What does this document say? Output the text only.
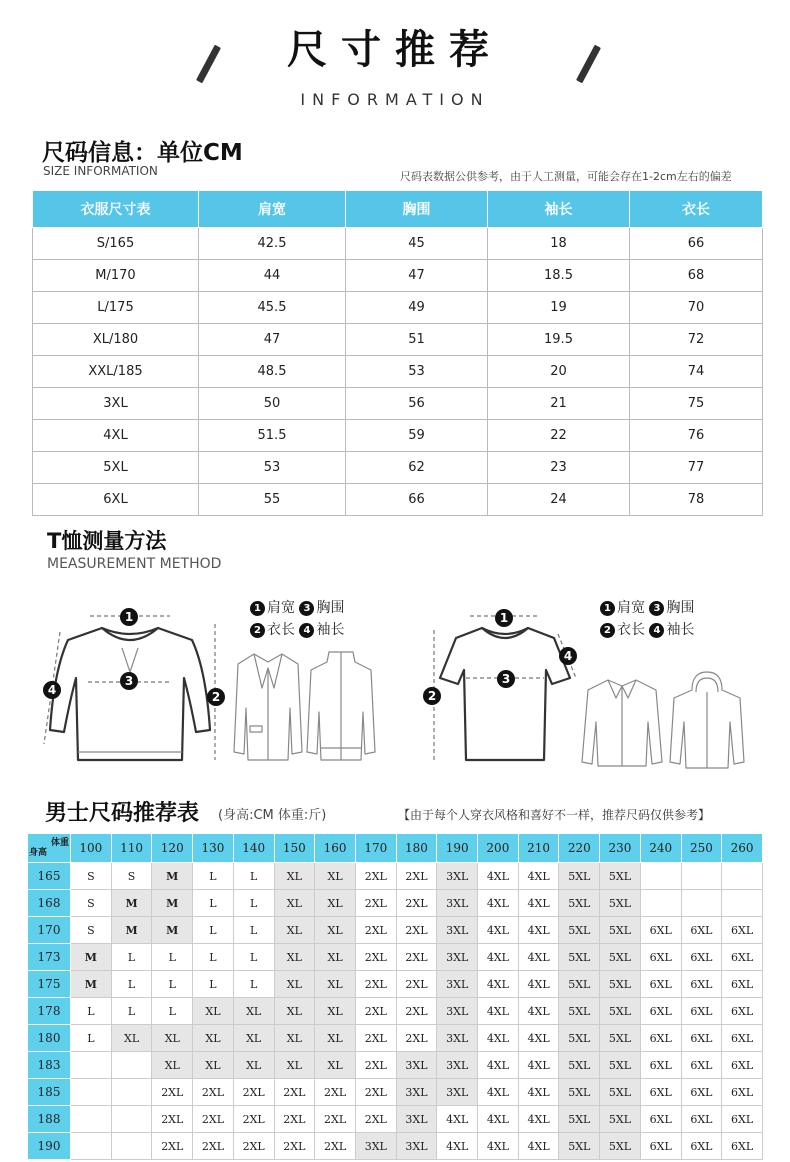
尺寸推荐
INFORMATION
尺码信息：单位CM
SIZE INFORMATION	尺码表数据公供参考，由于人工测量，可能会存在1-2cm左右的偏差
衣服尺寸表	肩宽	胸围	袖长	衣长
S/165	42.5	45	18	66
M/170	44	47	18.5	68
L/175	45.5	49	19	70
XL/180	47	51	19.5	72
XXL/185	48.5	53	20	74
3XL	50	56	21	75
4XL	51.5	59	22	76
5XL	53	62	23	77
6XL	55	66	24	78
T恤测量方法
MEASUREMENT METHOD
1
3
2
4
1 肩宽 3 胸围
2 衣长 4 袖长
1
3
2
4
1 肩宽 3 胸围
2 衣长 4 袖长
男士尺码推荐表 (身高:CM 体重:斤)	【由于每个人穿衣风格和喜好不一样，推荐尺码仅供参考】
体重
身高	100	110	120	130	140	150	160	170	180	190	200	210	220	230	240	250	260
165	S	S	M	L	L	XL	XL	2XL	2XL	3XL	4XL	4XL	5XL	5XL			
168	S	M	M	L	L	XL	XL	2XL	2XL	3XL	4XL	4XL	5XL	5XL			
170	S	M	M	L	L	XL	XL	2XL	2XL	3XL	4XL	4XL	5XL	5XL	6XL	6XL	6XL
173	M	L	L	L	L	XL	XL	2XL	2XL	3XL	4XL	4XL	5XL	5XL	6XL	6XL	6XL
175	M	L	L	L	L	XL	XL	2XL	2XL	3XL	4XL	4XL	5XL	5XL	6XL	6XL	6XL
178	L	L	L	XL	XL	XL	XL	2XL	2XL	3XL	4XL	4XL	5XL	5XL	6XL	6XL	6XL
180	L	XL	XL	XL	XL	XL	XL	2XL	2XL	3XL	4XL	4XL	5XL	5XL	6XL	6XL	6XL
183			XL	XL	XL	XL	XL	2XL	3XL	3XL	4XL	4XL	5XL	5XL	6XL	6XL	6XL
185			2XL	2XL	2XL	2XL	2XL	2XL	3XL	3XL	4XL	4XL	5XL	5XL	6XL	6XL	6XL
188			2XL	2XL	2XL	2XL	2XL	2XL	3XL	4XL	4XL	4XL	5XL	5XL	6XL	6XL	6XL
190			2XL	2XL	2XL	2XL	2XL	3XL	3XL	4XL	4XL	4XL	5XL	5XL	6XL	6XL	6XL
